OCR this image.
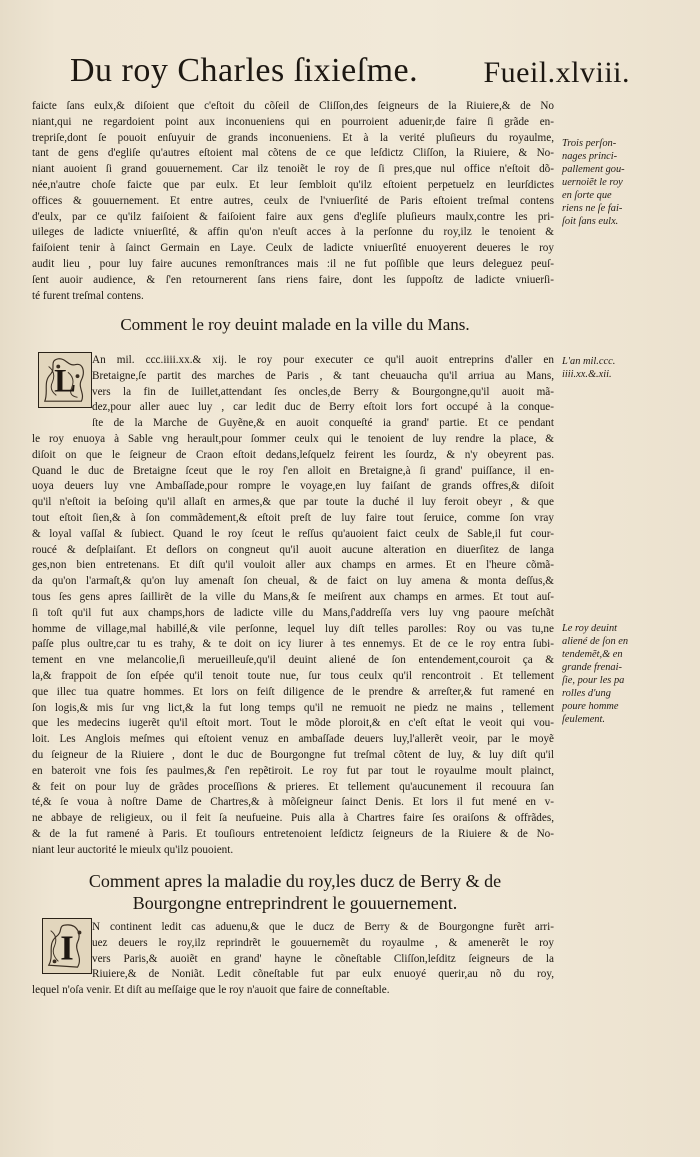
Du roy Charles ſixieſme. Fueil.xlviii.

faicte ſans eulx,& diſoient que c'eſtoit du cõſeil de Cliſſon,des ſeigneurs de la Riuiere,& de No
niant,qui ne regardoient point aux inconueniens qui en pourroient aduenir,de faire ſi grãde en-
trepriſe,dont ſe pouoit enſuyuir de grands inconueniens. Et à la verité pluſieurs du royaulme,
tant de gens d'egliſe qu'autres eſtoient mal cõtens de ce que leſdictz Cliſſon, la Riuiere, & No-
niant auoient ſi grand gouuernement. Car ilz tenoiẽt le roy de ſi pres,que nul office n'eſtoit dõ-
née,n'autre choſe faicte que par eulx. Et leur ſembloit qu'ilz eſtoient perpetuelz en leurſdictes
offices & gouuernement. Et entre autres, ceulx de l'vniuerſité de Paris eſtoient treſmal contens
d'eulx, par ce qu'ilz faiſoient & faiſoient faire aux gens d'egliſe pluſieurs maulx,contre les pri-
uileges de ladicte vniuerſité, & affin qu'on n'euſt acces à la perſonne du roy,ilz le tenoient &
faiſoient tenir à ſainct Germain en Laye. Ceulx de ladicte vniuerſité enuoyerent deueres le roy
audit lieu , pour luy faire aucunes remonſtrances mais :il ne fut poſſible que leurs deleguez peuſ-
ſent auoir audience, & ſ'en retournerent ſans riens faire, dont les ſuppoſtz de ladicte vniuerſi-
té furent treſmal contens.

Comment le roy deuint malade en la ville du Mans.
L

An mil. ccc.iiii.xx.& xij. le roy pour executer ce qu'il auoit entreprins d'aller en
Bretaigne,ſe partit des marches de Paris , & tant cheuaucha qu'il arriua au Mans,
vers la fin de Iuillet,attendant ſes oncles,de Berry & Bourgongne,qu'il auoit mã-
dez,pour aller auec luy , car ledit duc de Berry eſtoit lors fort occupé à la conque-
ſte de la Marche de Guyẽne,& en auoit conqueſté ia grand' partie. Et ce pendant
le roy enuoya à Sable vng herault,pour ſommer ceulx qui le tenoient de luy rendre la place, &
diſoit on que le ſeigneur de Craon eſtoit dedans,leſquelz feirent les ſourdz, & n'y obeyrent pas.
Quand le duc de Bretaigne ſceut que le roy ſ'en alloit en Bretaigne,à ſi grand' puiſſance, il en-
uoya deuers luy vne Ambaſſade,pour rompre le voyage,en luy faiſant de grands offres,& diſoit
qu'il n'eſtoit ia beſoing qu'il allaſt en armes,& que par toute la duché il luy feroit obeyr , & que
tout eſtoit ſien,& à ſon commãdement,& eſtoit preſt de luy faire tout ſeruice, comme ſon vray
& loyal vaſſal & ſubiect. Quand le roy ſceut le reſſus qu'auoient faict ceulx de Sable,il fut cour-
roucé & deſplaiſant. Et deſlors on congneut qu'il auoit aucune alteration en diuerſitez de langa
ges,non bien entretenans. Et diſt qu'il vouloit aller aux champs en armes. Et en l'heure cõmã-
da qu'on l'armaſt,& qu'on luy amenaſt ſon cheual, & de faict on luy amena & monta deſſus,&
tous ſes gens apres ſaillirẽt de la ville du Mans,& ſe meiſrent aux champs en armes. Et tout auſ-
ſi toſt qu'il fut aux champs,hors de ladicte ville du Mans,ſ'addreſſa vers luy vng paoure meſchãt
homme de village,mal habillé,& vile perſonne, lequel luy diſt telles parolles: Roy ou vas tu,ne
paſſe plus oultre,car tu es trahy, & te doit on icy liurer à tes ennemys. Et de ce le roy entra ſubi-
tement en vne melancolie,ſi merueilleuſe,qu'il deuint aliené de ſon entendement,couroit ça &
la,& frappoit de ſon eſpée qu'il tenoit toute nue, ſur tous ceulx qu'il rencontroit . Et tellement
que illec tua quatre hommes. Et lors on feiſt diligence de le prendre & arreſter,& fut ramené en
ſon logis,& mis ſur vng lict,& la fut long temps qu'il ne remuoit ne piedz ne mains , tellement
que les medecins iugerẽt qu'il eſtoit mort. Tout le mõde ploroit,& en c'eſt eſtat le veoit qui vou-
loit. Les Anglois meſmes qui eſtoient venuz en ambaſſade deuers luy,l'allerẽt veoir, par le moyẽ
du ſeigneur de la Riuiere , dont le duc de Bourgongne fut treſmal cõtent de luy, & luy diſt qu'il
en bateroit vne fois ſes paulmes,& ſ'en repẽtiroit. Le roy fut par tout le royaulme moult plainct,
& feit on pour luy de grãdes proceſſions & prieres. Et tellement qu'aucunement il recouura ſan
té,& ſe voua à noſtre Dame de Chartres,& à mõſeigneur ſainct Denis. Et lors il fut mené en v-
ne abbaye de religieux, ou il feit ſa neufueine. Puis alla à Chartres faire ſes oraiſons & offrãdes,
& de la fut ramené à Paris. Et touſiours entretenoient leſdictz ſeigneurs de la Riuiere & de No-
niant leur auctorité le mieulx qu'ilz pouoient.

Comment apres la maladie du roy,les ducz de Berry & de
Bourgongne entreprindrent le gouuernement.
I

N continent ledit cas aduenu,& que le ducz de Berry & de Bourgongne furẽt arri-
uez deuers le roy,ilz reprindrẽt le gouuernemẽt du royaulme , & amenerẽt le roy
vers Paris,& auoiẽt en grand' hayne le cõneſtable Cliſſon,leſditz ſeigneurs de la
Riuiere,& de Noniãt. Ledit cõneſtable fut par eulx enuoyé querir,au nõ du roy,
lequel n'oſa venir. Et diſt au meſſaige que le roy n'auoit que faire de conneſtable.

Trois perſon-
nages princi-
pallement gou-
uernoiẽt le roy
en ſorte que
riens ne ſe fai-
ſoit ſans eulx.
L'an mil.ccc.
iiii.xx.&.xii.
Le roy deuint
aliené de ſon en
tendemẽt,& en
grande frenai-
ſie, pour les pa
rolles d'ung
poure homme
ſeulement.
